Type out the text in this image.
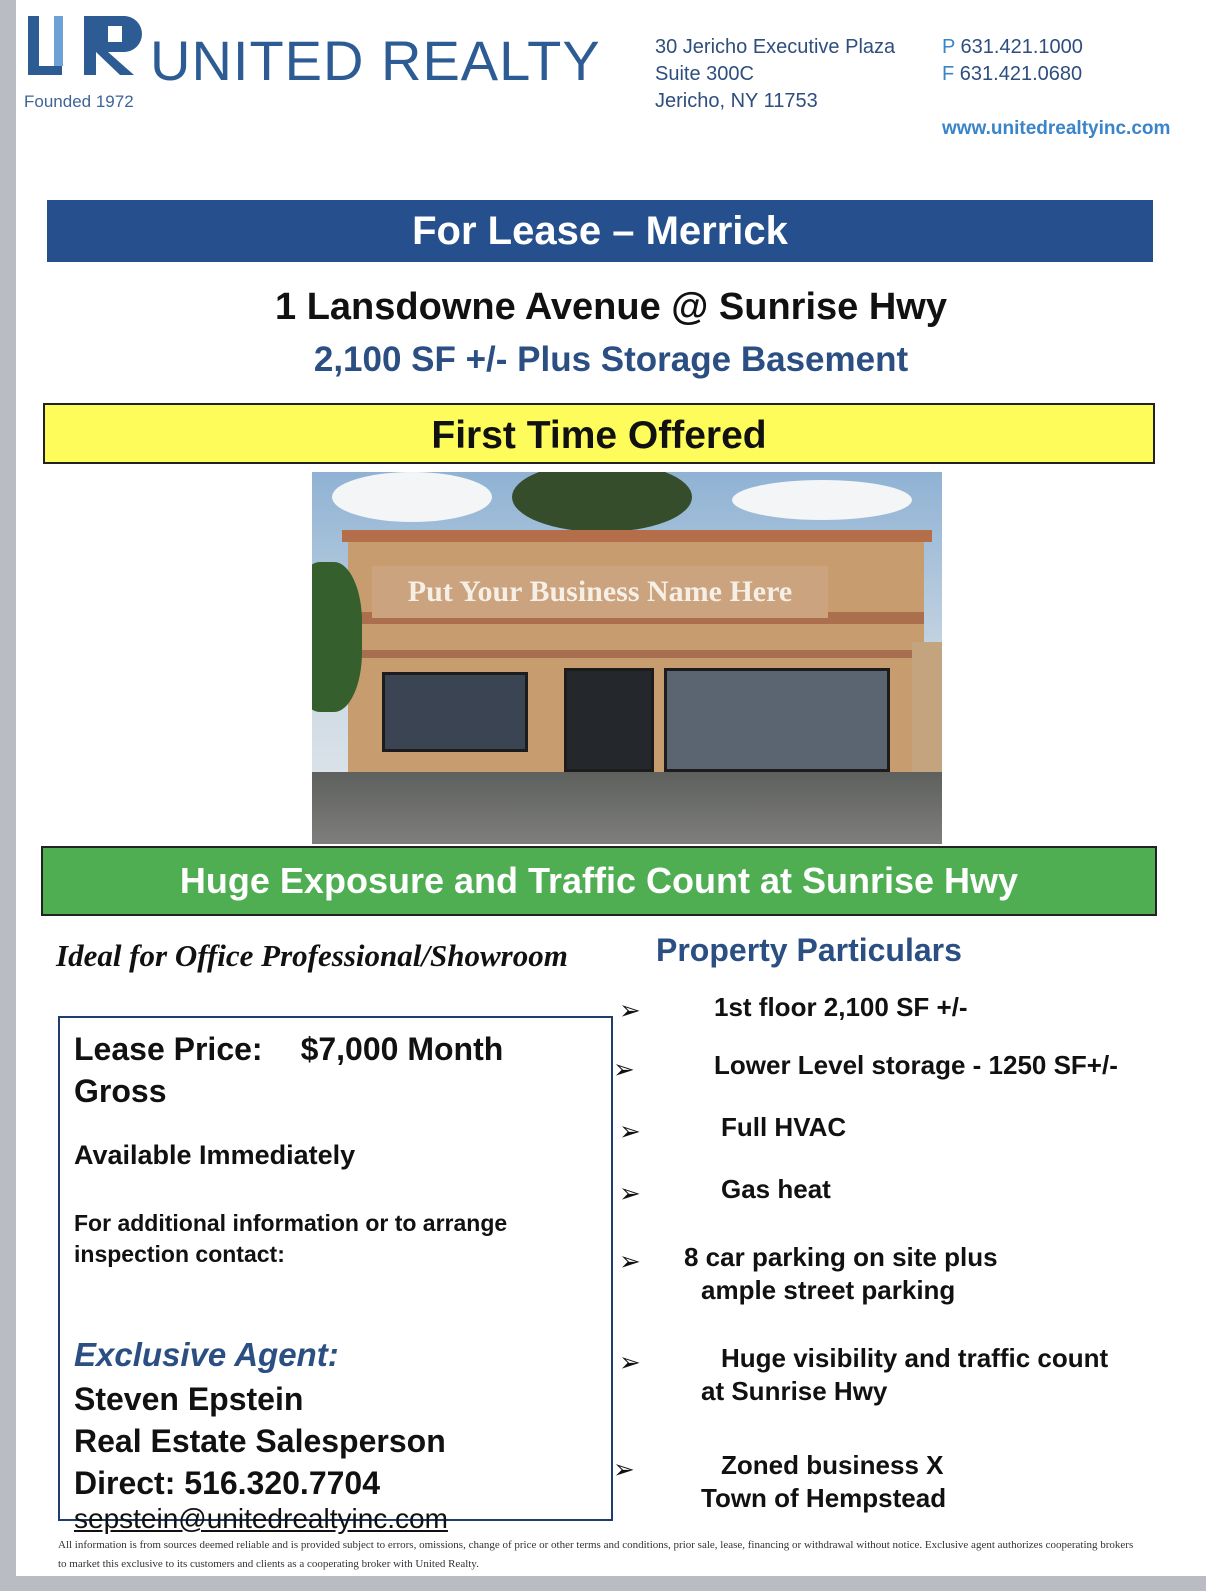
UNITED REALTY
Founded 1972
30 Jericho Executive Plaza
Suite 300C
Jericho, NY 11753
P 631.421.1000
F 631.421.0680
www.unitedrealtyinc.com
For Lease – Merrick
1 Lansdowne Avenue @ Sunrise Hwy
2,100 SF +/- Plus Storage Basement
First Time Offered
Put Your Business Name Here
Huge Exposure and Traffic Count at Sunrise Hwy
Ideal for Office Professional/Showroom
Lease Price: $7,000 Month
Gross
Available Immediately
For additional information or to arrange
inspection contact:
Exclusive Agent:
Steven Epstein
Real Estate Salesperson
Direct: 516.320.7704
sepstein@unitedrealtyinc.com
Property Particulars
➢	1st floor 2,100 SF +/-
➢	Lower Level storage - 1250 SF+/-
➢	Full HVAC
➢	Gas heat
➢ 8 car parking on site plus
ample street parking
➢	Huge visibility and traffic count
at Sunrise Hwy
➢	Zoned business X
Town of Hempstead
All information is from sources deemed reliable and is provided subject to errors, omissions, change of price or other terms and conditions, prior sale, lease, financing or withdrawal without notice. Exclusive agent authorizes cooperating brokers to market this exclusive to its customers and clients as a cooperating broker with United Realty.
